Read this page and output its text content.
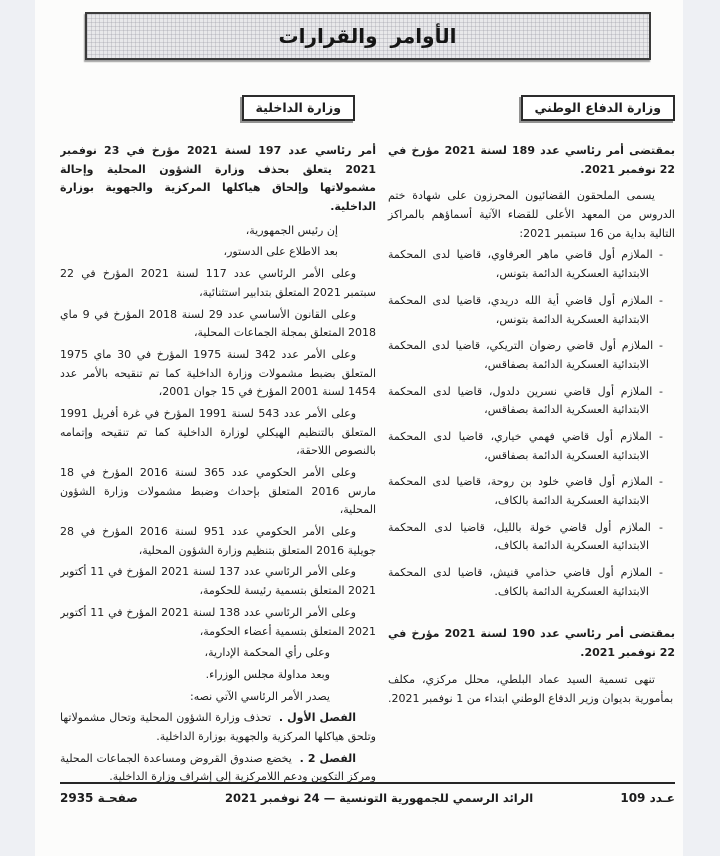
الأوامر والقرارات
وزارة الدفاع الوطني
وزارة الداخلية

بمقتضى أمر رئاسي عدد 189 لسنة 2021 مؤرخ في 22 نوفمبر 2021.

يسمى الملحقون القضائيون المحرزون على شهادة ختم الدروس من المعهد الأعلى للقضاء الآتية أسماؤهم بالمراكز التالية بداية من 16 سبتمبر 2021:

- الملازم أول قاضي ماهر العرفاوي، قاضيا لدى المحكمة الابتدائية العسكرية الدائمة بتونس،

- الملازم أول قاضي أية الله دريدي، قاضيا لدى المحكمة الابتدائية العسكرية الدائمة بتونس،

- الملازم أول قاضي رضوان التريكي، قاضيا لدى المحكمة الابتدائية العسكرية الدائمة بصفاقس،

- الملازم أول قاضي نسرين دلدول، قاضيا لدى المحكمة الابتدائية العسكرية الدائمة بصفاقس،

- الملازم أول قاضي فهمي خياري، قاضيا لدى المحكمة الابتدائية العسكرية الدائمة بصفاقس،

- الملازم أول قاضي خلود بن روحة، قاضيا لدى المحكمة الابتدائية العسكرية الدائمة بالكاف،

- الملازم أول قاضي خولة بالليل، قاضيا لدى المحكمة الابتدائية العسكرية الدائمة بالكاف،

- الملازم أول قاضي حذامي قنيش، قاضيا لدى المحكمة الابتدائية العسكرية الدائمة بالكاف.

بمقتضى أمر رئاسي عدد 190 لسنة 2021 مؤرخ في 22 نوفمبر 2021.

تنهى تسمية السيد عماد البلطي، محلل مركزي، مكلف بمأمورية بديوان وزير الدفاع الوطني ابتداء من 1 نوفمبر 2021.

أمر رئاسي عدد 197 لسنة 2021 مؤرخ في 23 نوفمبر 2021 يتعلق بحذف وزارة الشؤون المحلية وإحالة مشمولاتها وإلحاق هياكلها المركزية والجهوية بوزارة الداخلية.

إن رئيس الجمهورية،

بعد الاطلاع على الدستور،

وعلى الأمر الرئاسي عدد 117 لسنة 2021 المؤرخ في 22 سبتمبر 2021 المتعلق بتدابير استثنائية،

وعلى القانون الأساسي عدد 29 لسنة 2018 المؤرخ في 9 ماي 2018 المتعلق بمجلة الجماعات المحلية،

وعلى الأمر عدد 342 لسنة 1975 المؤرخ في 30 ماي 1975 المتعلق بضبط مشمولات وزارة الداخلية كما تم تنقيحه بالأمر عدد 1454 لسنة 2001 المؤرخ في 15 جوان 2001،

وعلى الأمر عدد 543 لسنة 1991 المؤرخ في غرة أفريل 1991 المتعلق بالتنظيم الهيكلي لوزارة الداخلية كما تم تنقيحه وإتمامه بالنصوص اللاحقة،

وعلى الأمر الحكومي عدد 365 لسنة 2016 المؤرخ في 18 مارس 2016 المتعلق بإحداث وضبط مشمولات وزارة الشؤون المحلية،

وعلى الأمر الحكومي عدد 951 لسنة 2016 المؤرخ في 28 جويلية 2016 المتعلق بتنظيم وزارة الشؤون المحلية،

وعلى الأمر الرئاسي عدد 137 لسنة 2021 المؤرخ في 11 أكتوبر 2021 المتعلق بتسمية رئيسة للحكومة،

وعلى الأمر الرئاسي عدد 138 لسنة 2021 المؤرخ في 11 أكتوبر 2021 المتعلق بتسمية أعضاء الحكومة،

وعلى رأي المحكمة الإدارية،

وبعد مداولة مجلس الوزراء.

يصدر الأمر الرئاسي الآتي نصه:

الفصل الأول . تحذف وزارة الشؤون المحلية وتحال مشمولاتها وتلحق هياكلها المركزية والجهوية بوزارة الداخلية.

الفصل 2 . يخضع صندوق القروض ومساعدة الجماعات المحلية ومركز التكوين ودعم اللامركزية إلى إشراف وزارة الداخلية.

عـدد 109
الرائد الرسمي للجمهورية التونسية — 24 نوفمبر 2021
صفحـة 2935
